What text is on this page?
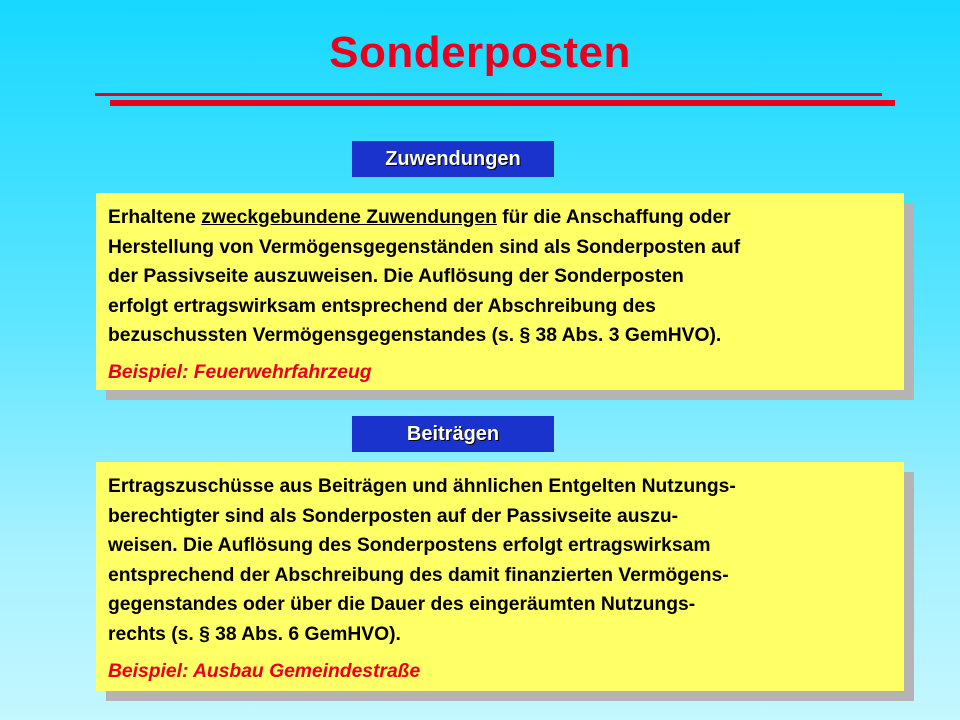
Sonderposten
Zuwendungen

Erhaltene zweckgebundene Zuwendungen für die Anschaffung oder
Herstellung von Vermögensgegenständen sind als Sonderposten auf
der Passivseite auszuweisen. Die Auflösung der Sonderposten
erfolgt ertragswirksam entsprechend der Abschreibung des
bezuschussten Vermögensgegenstandes (s. § 38 Abs. 3 GemHVO).

Beispiel: Feuerwehrfahrzeug

Beiträgen

Ertragszuschüsse aus Beiträgen und ähnlichen Entgelten Nutzungs-
berechtigter sind als Sonderposten auf der Passivseite auszu-
weisen. Die Auflösung des Sonderpostens erfolgt ertragswirksam
entsprechend der Abschreibung des damit finanzierten Vermögens-
gegenstandes oder über die Dauer des eingeräumten Nutzungs-
rechts (s. § 38 Abs. 6 GemHVO).

Beispiel: Ausbau Gemeindestraße
